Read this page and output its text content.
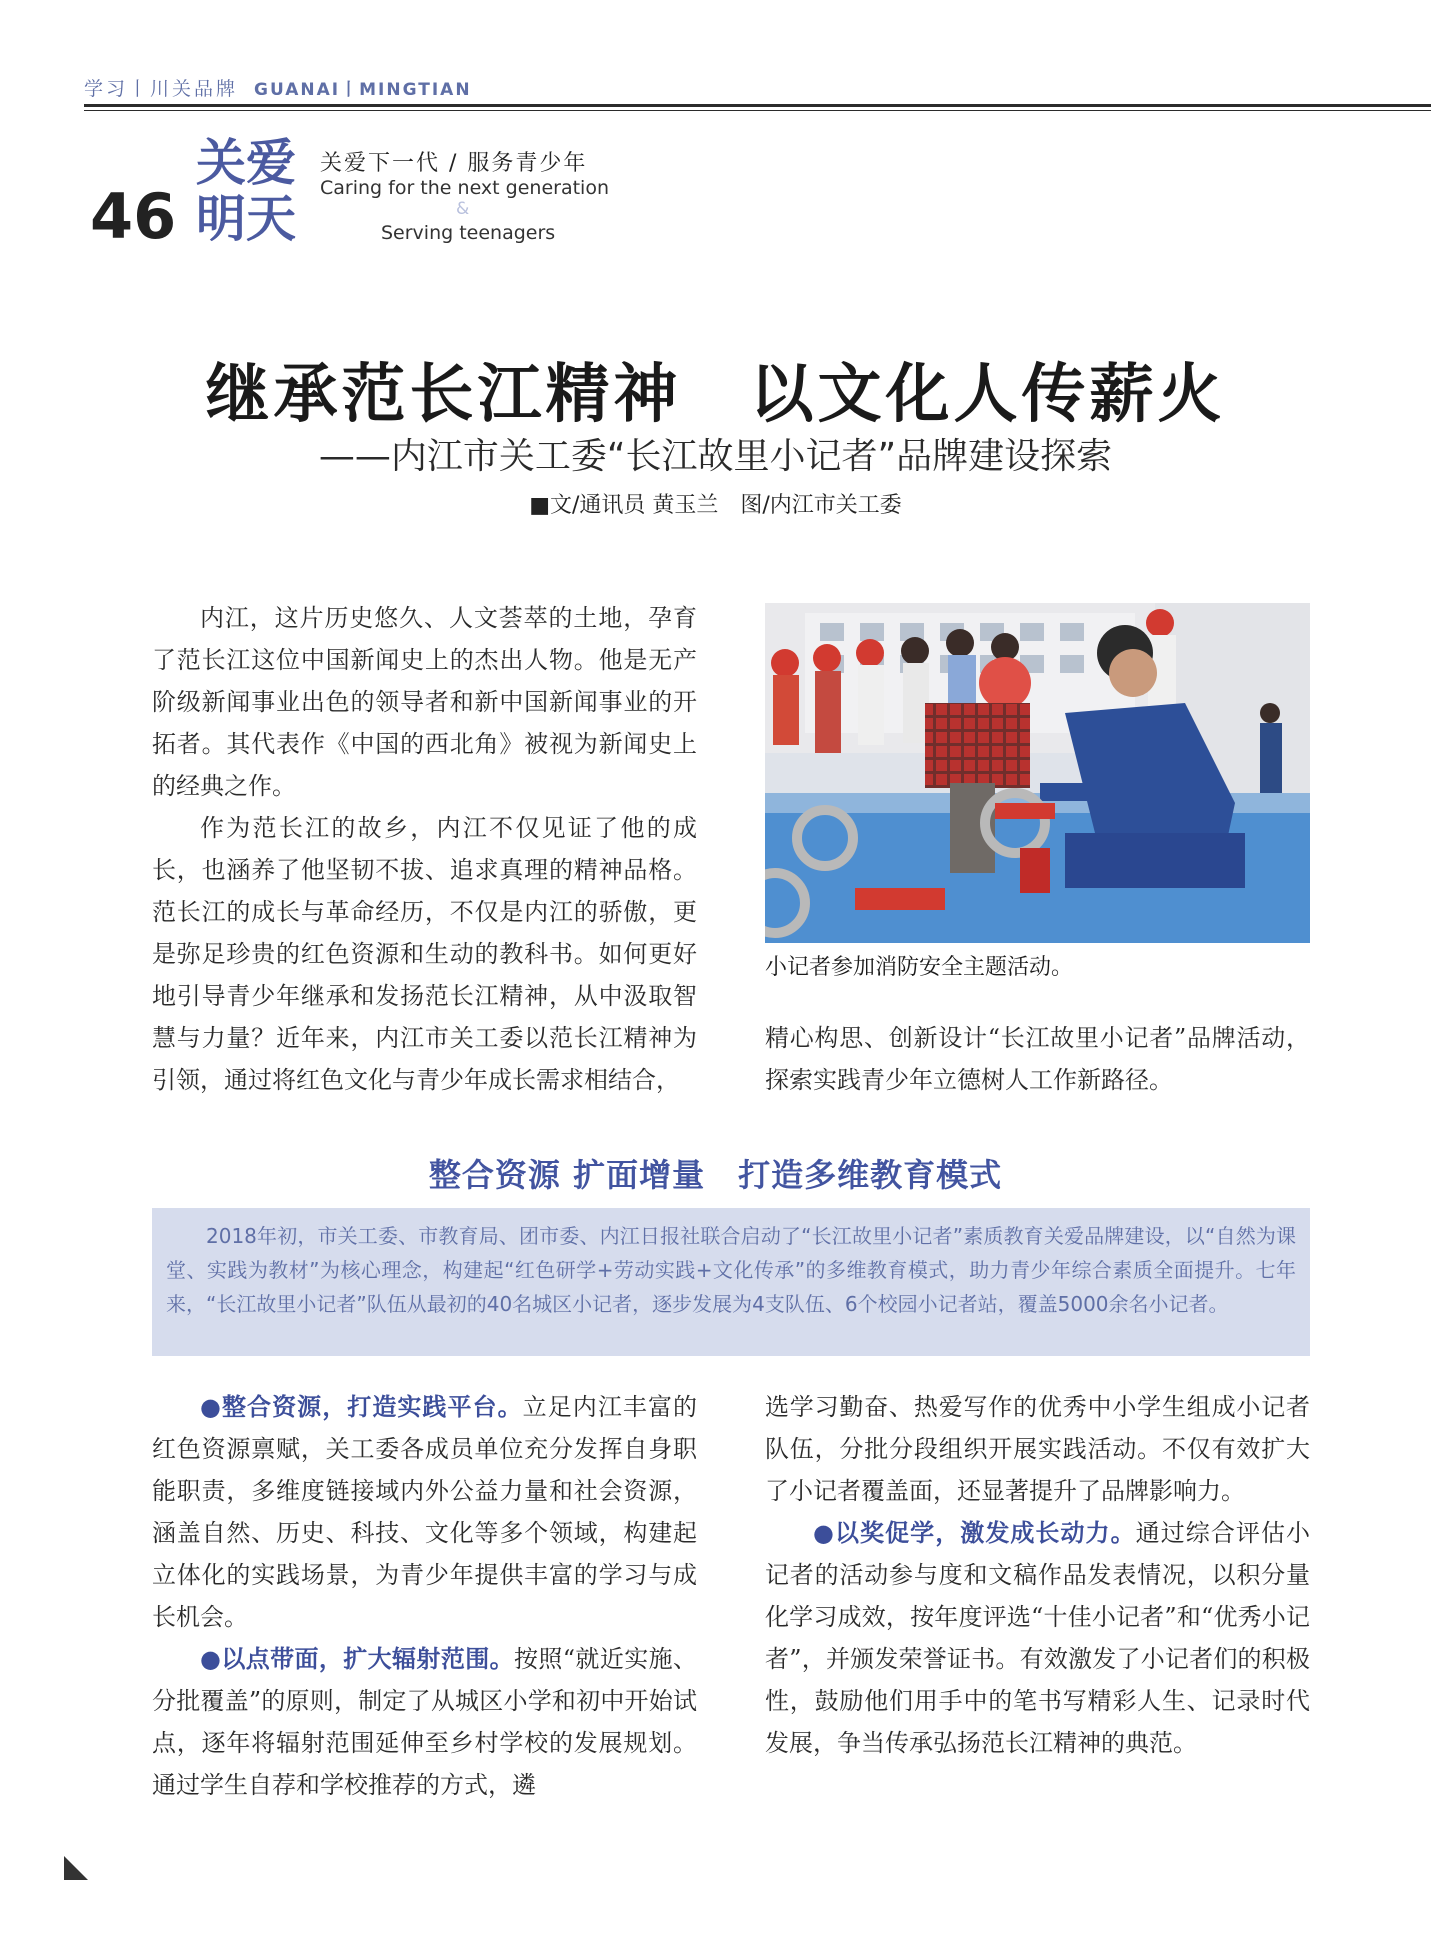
学习丨川关品牌 GUANAI丨MINGTIAN
46
关爱明天
关爱下一代 / 服务青少年
Caring for the next generation
&
Serving teenagers
继承范长江精神　以文化人传薪火
——内江市关工委“长江故里小记者”品牌建设探索
■文/通讯员 黄玉兰　图/内江市关工委

内江，这片历史悠久、人文荟萃的土地，孕育了范长江这位中国新闻史上的杰出人物。他是无产阶级新闻事业出色的领导者和新中国新闻事业的开拓者。其代表作《中国的西北角》被视为新闻史上的经典之作。

作为范长江的故乡，内江不仅见证了他的成长，也涵养了他坚韧不拔、追求真理的精神品格。范长江的成长与革命经历，不仅是内江的骄傲，更是弥足珍贵的红色资源和生动的教科书。如何更好地引导青少年继承和发扬范长江精神，从中汲取智慧与力量？近年来，内江市关工委以范长江精神为引领，通过将红色文化与青少年成长需求相结合，

小记者参加消防安全主题活动。

精心构思、创新设计“长江故里小记者”品牌活动，探索实践青少年立德树人工作新路径。

整合资源 扩面增量　打造多维教育模式

2018年初，市关工委、市教育局、团市委、内江日报社联合启动了“长江故里小记者”素质教育关爱品牌建设，以“自然为课堂、实践为教材”为核心理念，构建起“红色研学+劳动实践+文化传承”的多维教育模式，助力青少年综合素质全面提升。七年来，“长江故里小记者”队伍从最初的40名城区小记者，逐步发展为4支队伍、6个校园小记者站，覆盖5000余名小记者。

●整合资源，打造实践平台。立足内江丰富的红色资源禀赋，关工委各成员单位充分发挥自身职能职责，多维度链接域内外公益力量和社会资源，涵盖自然、历史、科技、文化等多个领域，构建起立体化的实践场景，为青少年提供丰富的学习与成长机会。

●以点带面，扩大辐射范围。按照“就近实施、分批覆盖”的原则，制定了从城区小学和初中开始试点，逐年将辐射范围延伸至乡村学校的发展规划。通过学生自荐和学校推荐的方式，遴

选学习勤奋、热爱写作的优秀中小学生组成小记者队伍，分批分段组织开展实践活动。不仅有效扩大了小记者覆盖面，还显著提升了品牌影响力。

●以奖促学，激发成长动力。通过综合评估小记者的活动参与度和文稿作品发表情况，以积分量化学习成效，按年度评选“十佳小记者”和“优秀小记者”，并颁发荣誉证书。有效激发了小记者们的积极性，鼓励他们用手中的笔书写精彩人生、记录时代发展，争当传承弘扬范长江精神的典范。
